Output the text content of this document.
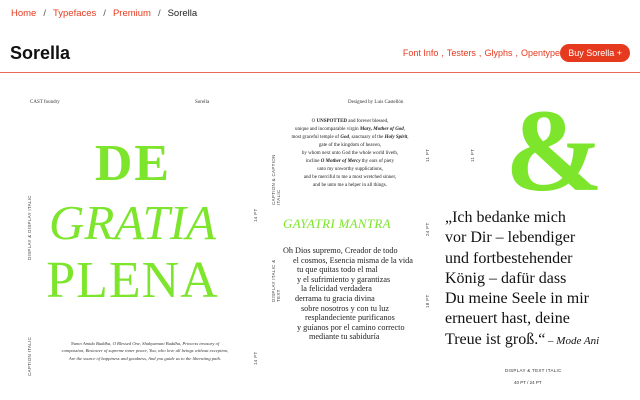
Home / Typefaces / Premium / Sorella
Sorella	Font Info , Testers , Glyphs , Opentype Buy Sorella +
CAST foundry	Sorella	Designed by Luis Castellón
DISPLAY & DISPLAY ITALIC
CAPTION ITALIC
14 PT
14 PT
DE
GRATIA
PLENA
Namo Amida Buddha, O Blessed One, Shakyamuni Buddha, Princess treasury of compassion, Bestower of supreme inner peace, You, who love all beings without exception, Are the source of happiness and goodness, And you guide us to the liberating path.
O UNSPOTTED and forever blessed,
unique and incomparable virgin Mary, Mother of God,
most graceful temple of God, sanctuary of the Holy Spirit,
gate of the kingdom of heaven,
by whom next unto God the whole world liveth,
incline O Mother of Mercy thy ears of piety
unto my unworthy supplications,
and be merciful to me a most wretched sinner,
and be unto me a helper in all things.
CAPTION & CAPTION ITALIC
DISPLAY ITALIC & TEXT
11 PT
24 PT
18 PT
GAYATRI MANTRA
Oh Dios supremo, Creador de todo
el cosmos, Esencia misma de la vida
tu que quitas todo el mal
y el sufrimiento y garantizas
la felicidad verdadera
derrama tu gracia divina
sobre nosotros y con tu luz
resplandeciente purificanos
y guíanos por el camino correcto
mediante tu sabiduría
&
11 PT
„Ich bedanke mich
vor Dir – lebendiger
und fortbestehender
König – dafür dass
Du meine Seele in mir
erneuert hast, deine
Treue ist groß.“ – Mode Ani
DISPLAY & TEXT ITALIC
40 PT / 24 PT
